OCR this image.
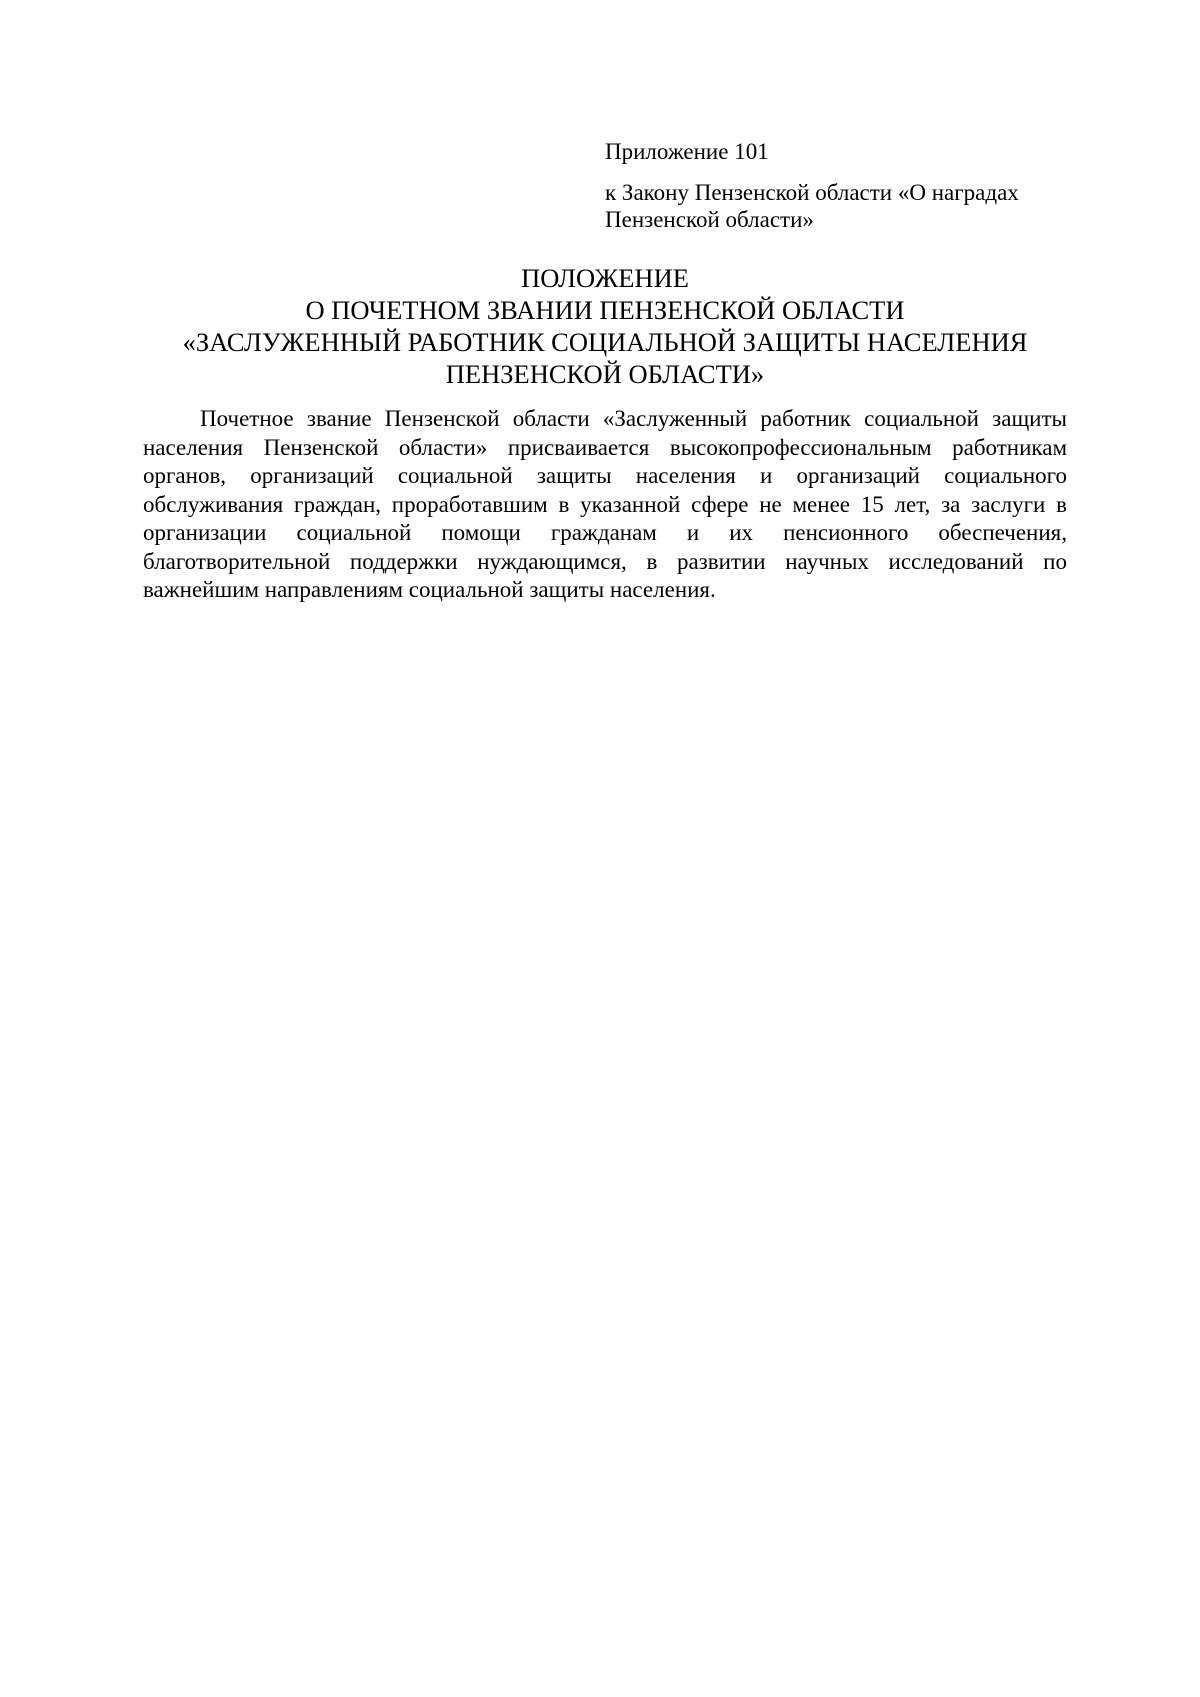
Приложение 101

к Закону Пензенской области «О наградах Пензенской области»

ПОЛОЖЕНИЕ
О ПОЧЕТНОМ ЗВАНИИ ПЕНЗЕНСКОЙ ОБЛАСТИ
«ЗАСЛУЖЕННЫЙ РАБОТНИК СОЦИАЛЬНОЙ ЗАЩИТЫ НАСЕЛЕНИЯ
ПЕНЗЕНСКОЙ ОБЛАСТИ»

Почетное звание Пензенской области «Заслуженный работник социальной защиты населения Пензенской области» присваивается высокопрофессиональным работникам органов, организаций социальной защиты населения и организаций социального обслуживания граждан, проработавшим в указанной сфере не менее 15 лет, за заслуги в организации социальной помощи гражданам и их пенсионного обеспечения, благотворительной поддержки нуждающимся, в развитии научных исследований по важнейшим направлениям социальной защиты населения.
